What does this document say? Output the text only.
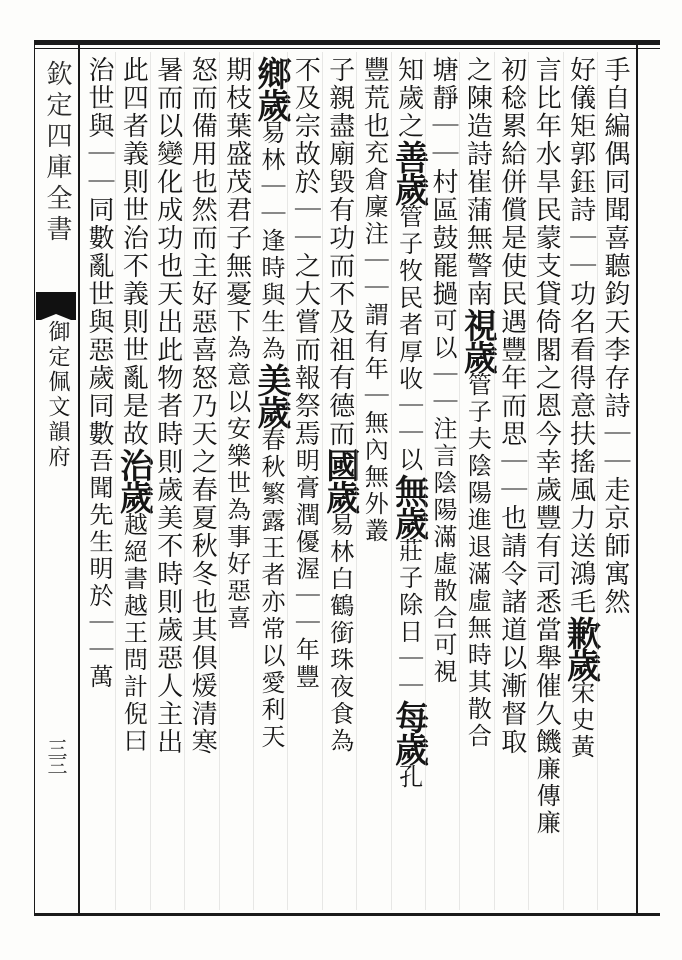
欽定四庫全書
御定佩文韻府
三三
手自編偶同聞喜聽鈞天李存詩｜｜走京師寓然
好儀矩郭鈺詩｜｜功名看得意扶搖風力送鴻毛歉歲宋史黃
言比年水旱民蒙支貸倚閣之恩今幸歲豐有司悉當舉催久饑廉傳廉
初稔累給併償是使民遇豐年而思｜｜也請令諸道以漸督取
之陳造詩崔蒲無警南視歲管子夫陰陽進退滿虛無時其散合
塘靜｜｜村區鼓罷撾可以｜｜注言陰陽滿虛散合可視
知歲之善歲管子牧民者厚收｜｜以無歲莊子除日｜｜每歲孔
豐荒也充倉廩注｜｜謂有年｜無內無外叢
子親盡廟毀有功而不及祖有德而國歲易林白鶴銜珠夜食為
不及宗故於｜｜之大嘗而報祭焉明膏潤優渥｜｜年豐
鄉歲易林｜｜逢時與生為美歲春秋繁露王者亦常以愛利天
期枝葉盛茂君子無憂下為意以安樂世為事好惡喜
怒而備用也然而主好惡喜怒乃天之春夏秋冬也其俱煖清寒
暑而以變化成功也天出此物者時則歲美不時則歲惡人主出
此四者義則世治不義則世亂是故治歲越絕書越王問計倪曰
治世與｜｜同數亂世與惡歲同數吾聞先生明於｜｜萬
